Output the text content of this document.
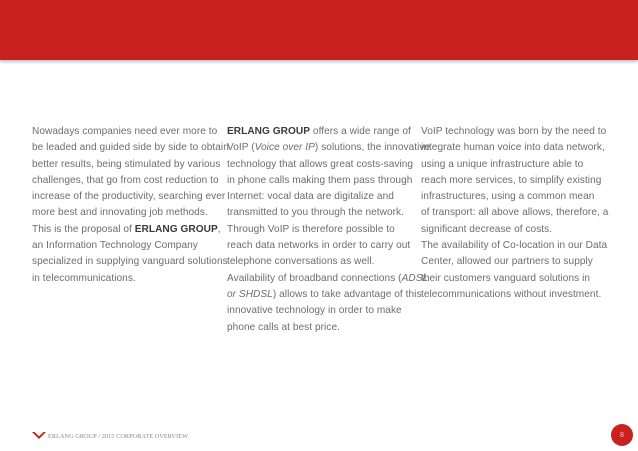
Nowadays companies need ever more to
be leaded and guided side by side to obtain
better results, being stimulated by various
challenges, that go from cost reduction to
increase of the productivity, searching ever
more best and innovating job methods.
This is the proposal of ERLANG GROUP,
an Information Technology Company
specialized in supplying vanguard solutions
in telecommunications.
ERLANG GROUP offers a wide range of
VoIP (Voice over IP) solutions, the innovative
technology that allows great costs-saving
in phone calls making them pass through
Internet: vocal data are digitalize and
transmitted to you through the network.
Through VoIP is therefore possible to
reach data networks in order to carry out
telephone conversations as well.
Availability of broadband connections (ADSL
or SHDSL) allows to take advantage of this
innovative technology in order to make
phone calls at best price.
VoIP technology was born by the need to
integrate human voice into data network,
using a unique infrastructure able to
reach more services, to simplify existing
infrastructures, using a common mean
of transport: all above allows, therefore, a
significant decrease of costs.
The availability of Co-location in our Data
Center, allowed our partners to supply
their customers vanguard solutions in
telecommunications without investment.
ERLANG GROUP / 2015 CORPORATE OVERVIEW	8
